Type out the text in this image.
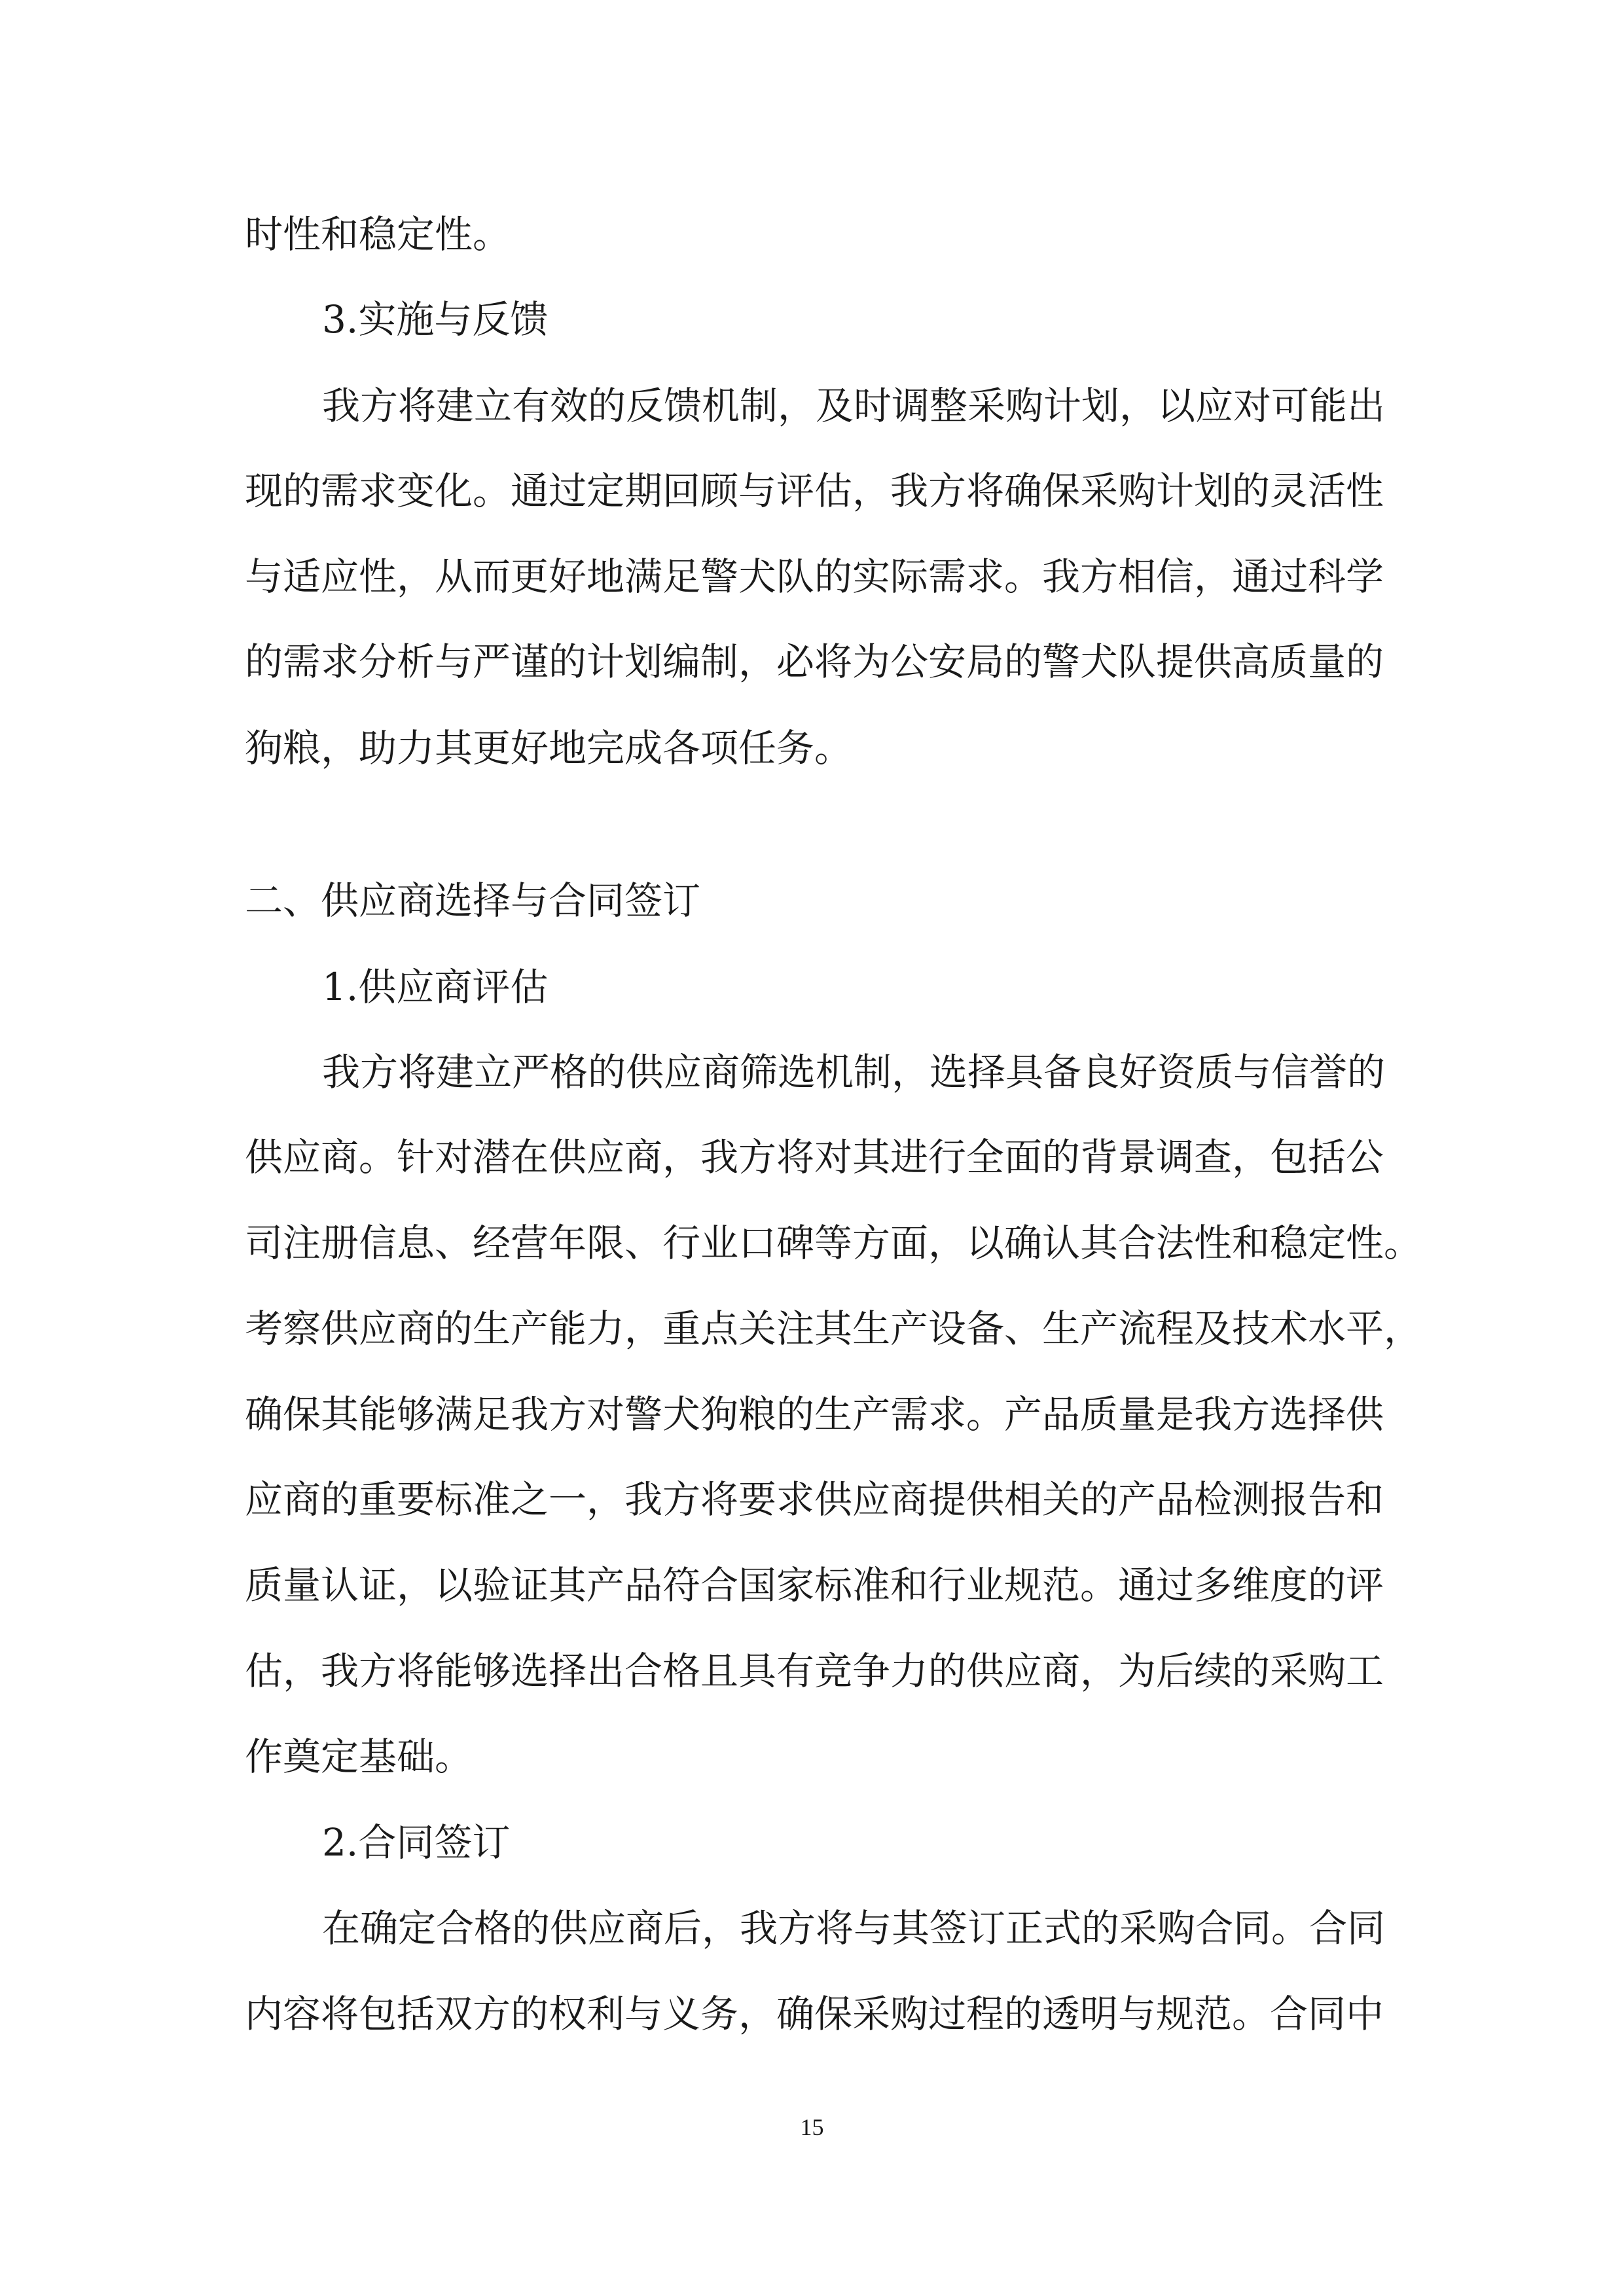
时性和稳定性。
3.实施与反馈
我方将建立有效的反馈机制，及时调整采购计划，以应对可能出
现的需求变化。通过定期回顾与评估，我方将确保采购计划的灵活性
与适应性，从而更好地满足警犬队的实际需求。我方相信，通过科学
的需求分析与严谨的计划编制，必将为公安局的警犬队提供高质量的
狗粮，助力其更好地完成各项任务。
二、供应商选择与合同签订
1.供应商评估
我方将建立严格的供应商筛选机制，选择具备良好资质与信誉的
供应商。针对潜在供应商，我方将对其进行全面的背景调查，包括公
司注册信息、经营年限、行业口碑等方面，以确认其合法性和稳定性。
考察供应商的生产能力，重点关注其生产设备、生产流程及技术水平，
确保其能够满足我方对警犬狗粮的生产需求。产品质量是我方选择供
应商的重要标准之一，我方将要求供应商提供相关的产品检测报告和
质量认证，以验证其产品符合国家标准和行业规范。通过多维度的评
估，我方将能够选择出合格且具有竞争力的供应商，为后续的采购工
作奠定基础。
2.合同签订
在确定合格的供应商后，我方将与其签订正式的采购合同。合同
内容将包括双方的权利与义务，确保采购过程的透明与规范。合同中
15
